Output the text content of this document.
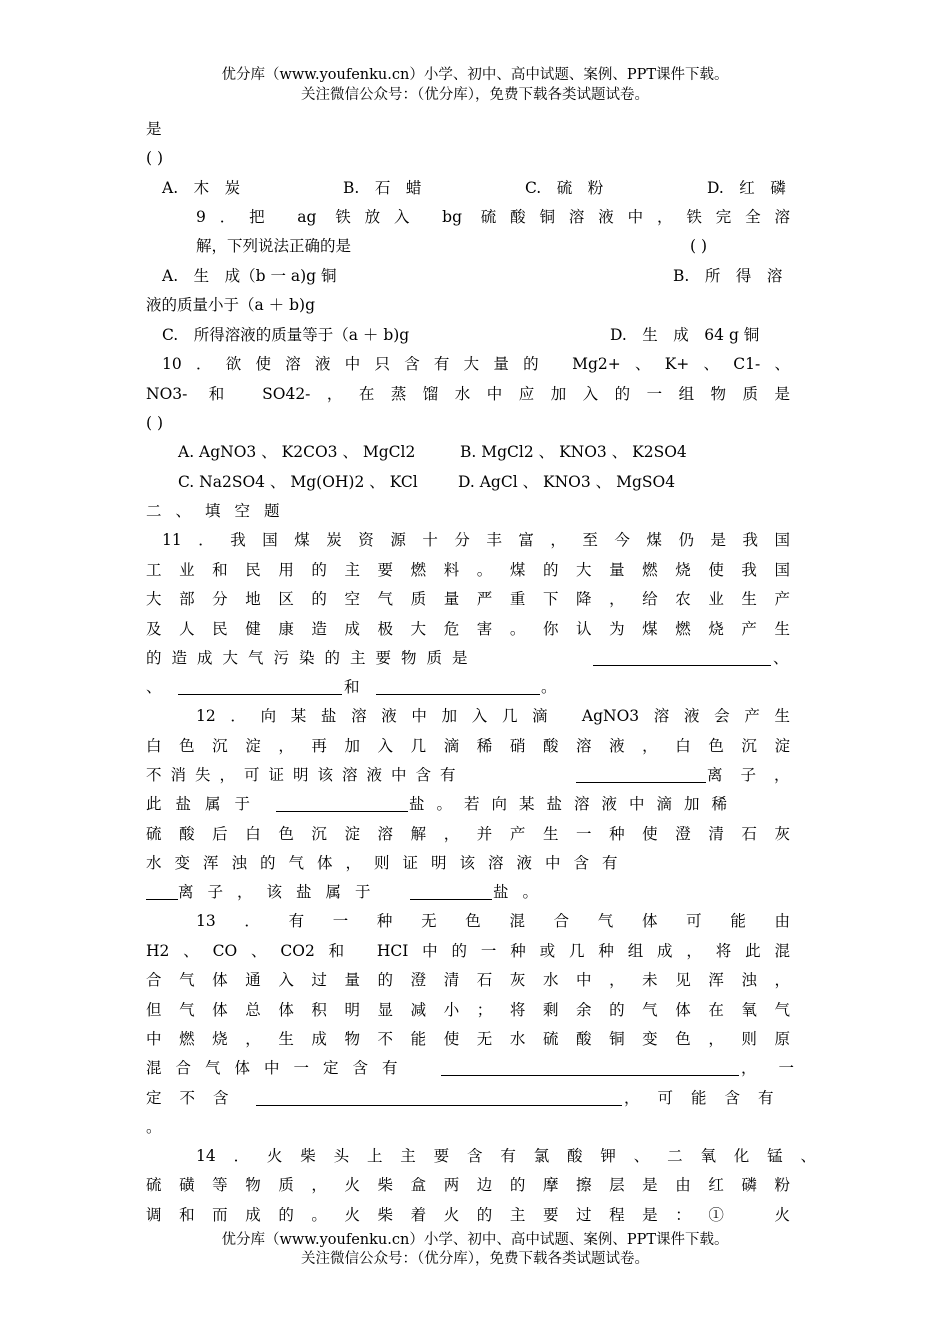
优分库（www.youfenku.cn）小学、初中、高中试题、案例、PPT课件下载。
关注微信公众号：（优分库），免费下载各类试题试卷。
是
( )
A.　木　炭	B.　石　蜡	C.　硫　粉	D.　红　磷
9．把 ag 铁放入 bg 硫酸铜溶液中，铁完全溶
解，下列说法正确的是	( )
A.　生　成（b 一 a)g 铜	B.　所　得　溶
液的质量小于（a ＋ b)g
C.　所得溶液的质量等于（a ＋ b)g	D.　生　成　64 g 铜
10．欲使溶液中只含有大量的 Mg2+、K+、C1-、
NO3- 和 SO42-，在蒸馏水中应加入的一组物质是
( )
A. AgNO3 、 K2CO3 、 MgCl2	B. MgCl2 、 KNO3 、 K2SO4
C. Na2SO4 、 Mg(OH)2 、 KCl	D. AgCl 、 KNO3 、 MgSO4
二、填空题
11．我国煤炭资源十分丰富，至今煤仍是我国
工业和民用的主要燃料。煤的大量燃烧使我国
大部分地区的空气质量严重下降，给农业生产
及人民健康造成极大危害。你认为煤燃烧产生
的造成大气污染的主要物质是	、
、	和	。
12．向某盐溶液中加入几滴 AgNO3溶液会产生
白色沉淀，再加入几滴稀硝酸溶液，白色沉淀
不消失，可证明该溶液中含有	离子，
此盐属于	盐。若向某盐溶液中滴加稀
硫酸后白色沉淀溶解，并产生一种使澄清石灰
水变浑浊的气体，则证明该溶液中含有
离子，该盐属于	盐。
13．有一种无色混合气体可能由
H2、CO、CO2和 HCI中的一种或几种组成，将此混
合气体通入过量的澄清石灰水中，未见浑浊，
但气体总体积明显减小；将剩余的气体在氧气
中燃烧，生成物不能使无水硫酸铜变色，则原
混合气体中一定含有	，一
定不含	，可能含有
。
14．火柴头上主要含有氯酸钾、二氧化锰、
硫磺等物质，火柴盒两边的摩擦层是由红磷粉
调和而成的。火柴着火的主要过程是：①　火
优分库（www.youfenku.cn）小学、初中、高中试题、案例、PPT课件下载。
关注微信公众号：（优分库），免费下载各类试题试卷。
